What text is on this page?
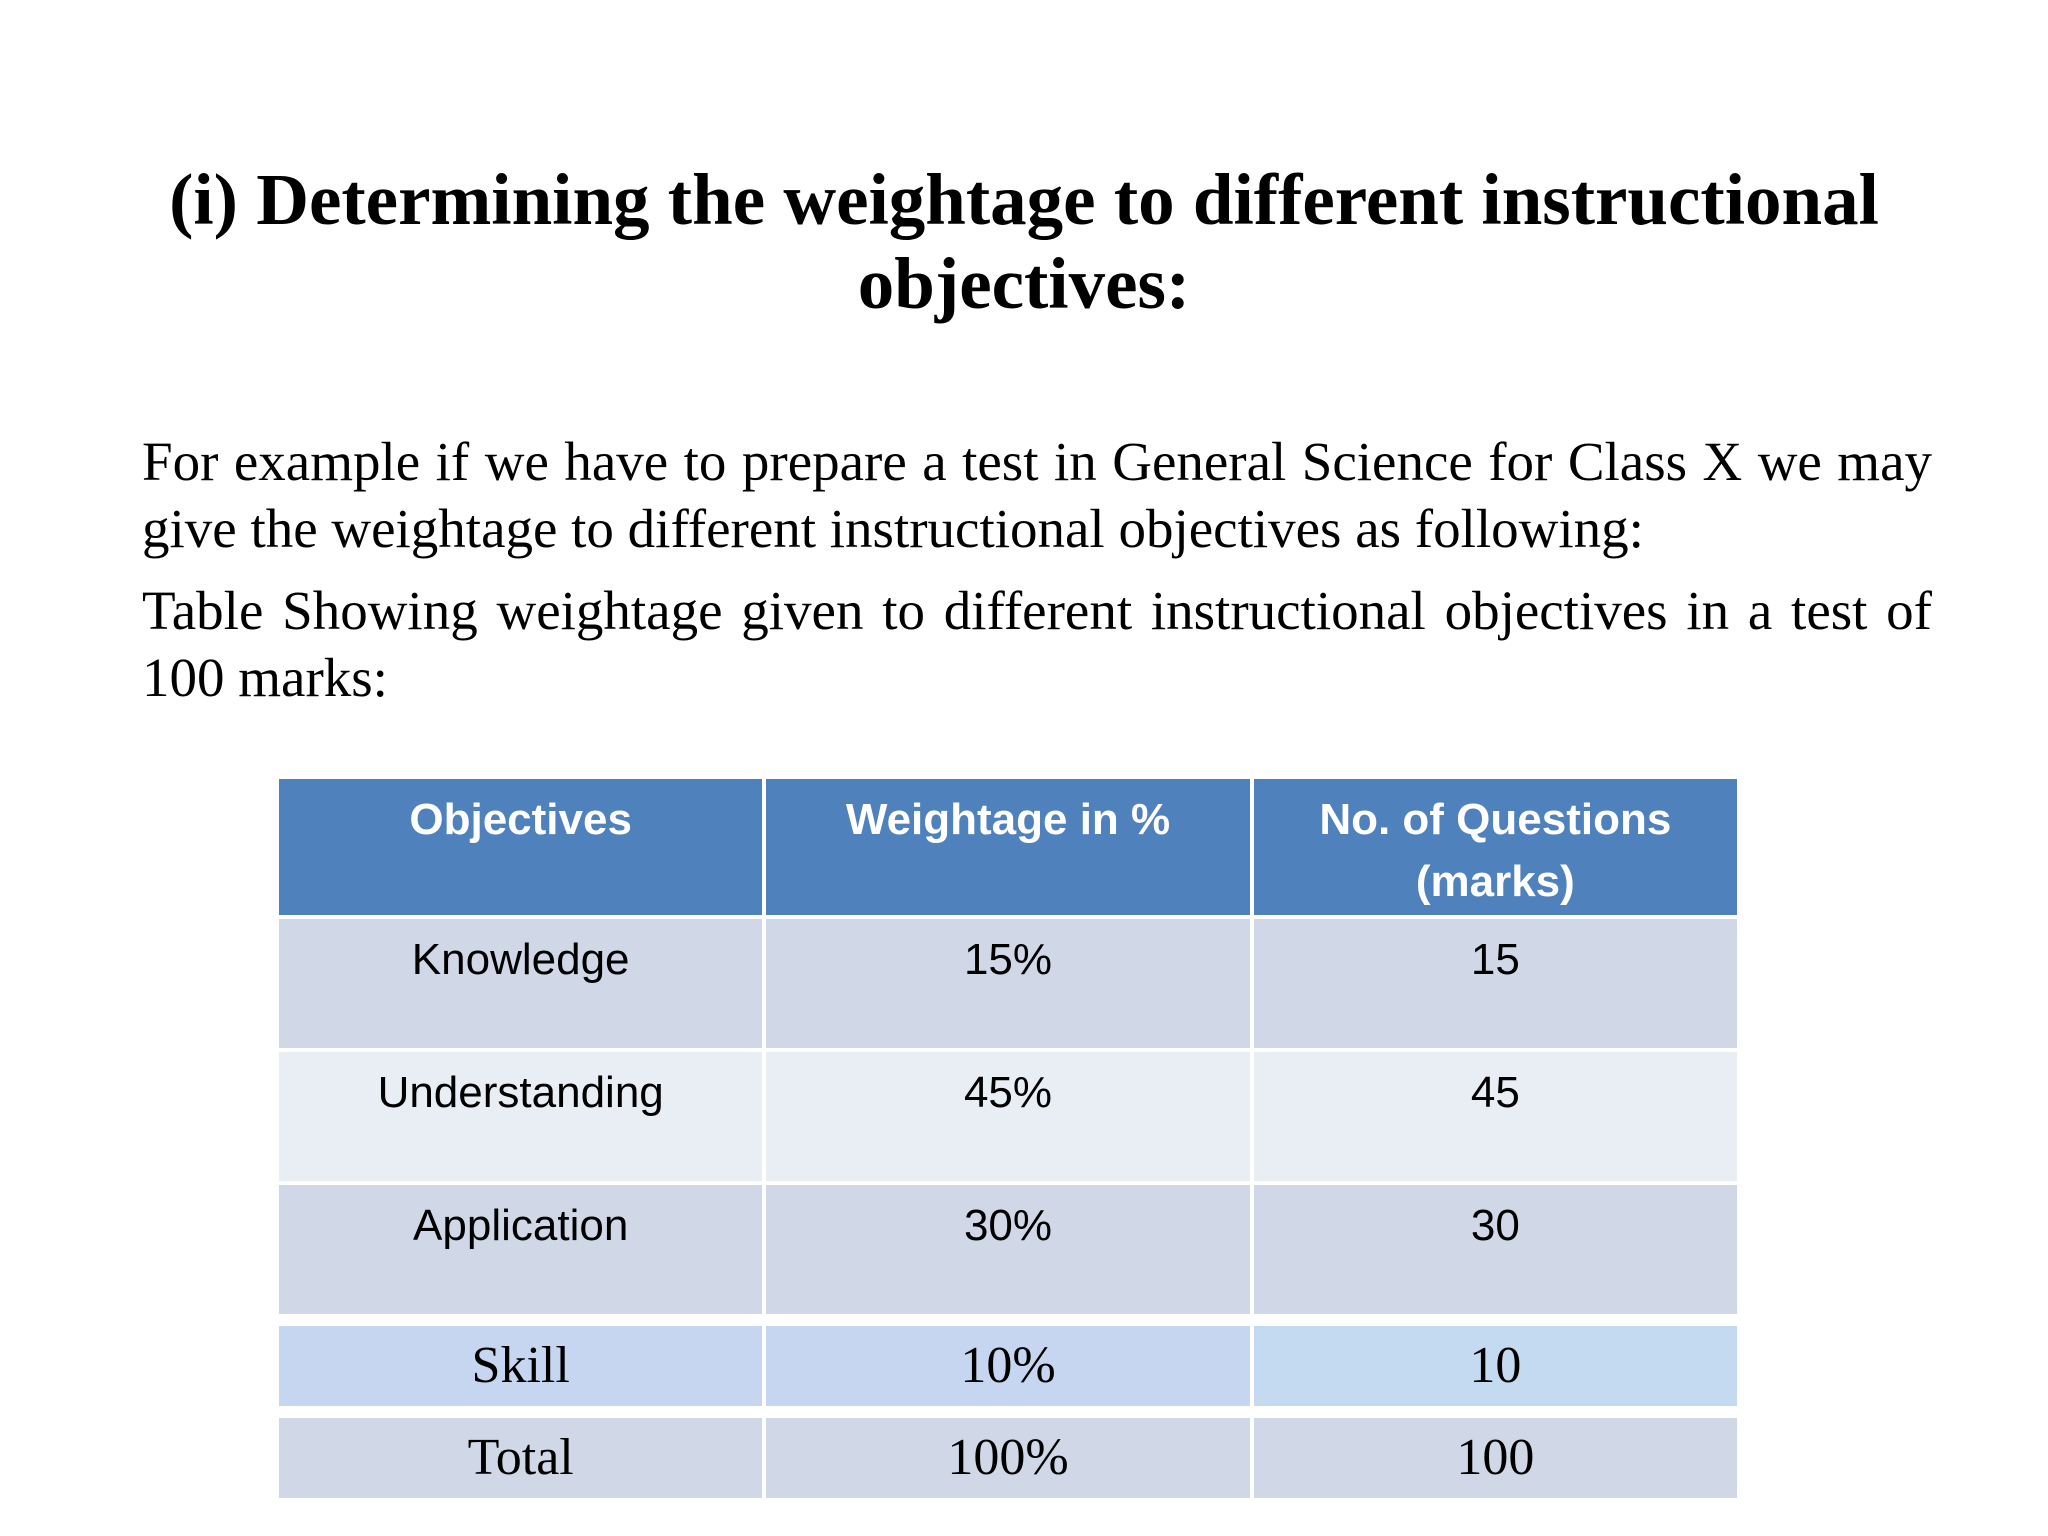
(i) Determining the weightage to different instructional objectives:
For example if we have to prepare a test in General Science for Class X we may give the weightage to different instructional objectives as following:
Table Showing weightage given to different instructional objectives in a test of 100 marks:
Objectives	Weightage in %	No. of Questions (marks)
Knowledge	15%	15
Understanding	45%	45
Application	30%	30

Skill	10%	10

Total	100%	100
